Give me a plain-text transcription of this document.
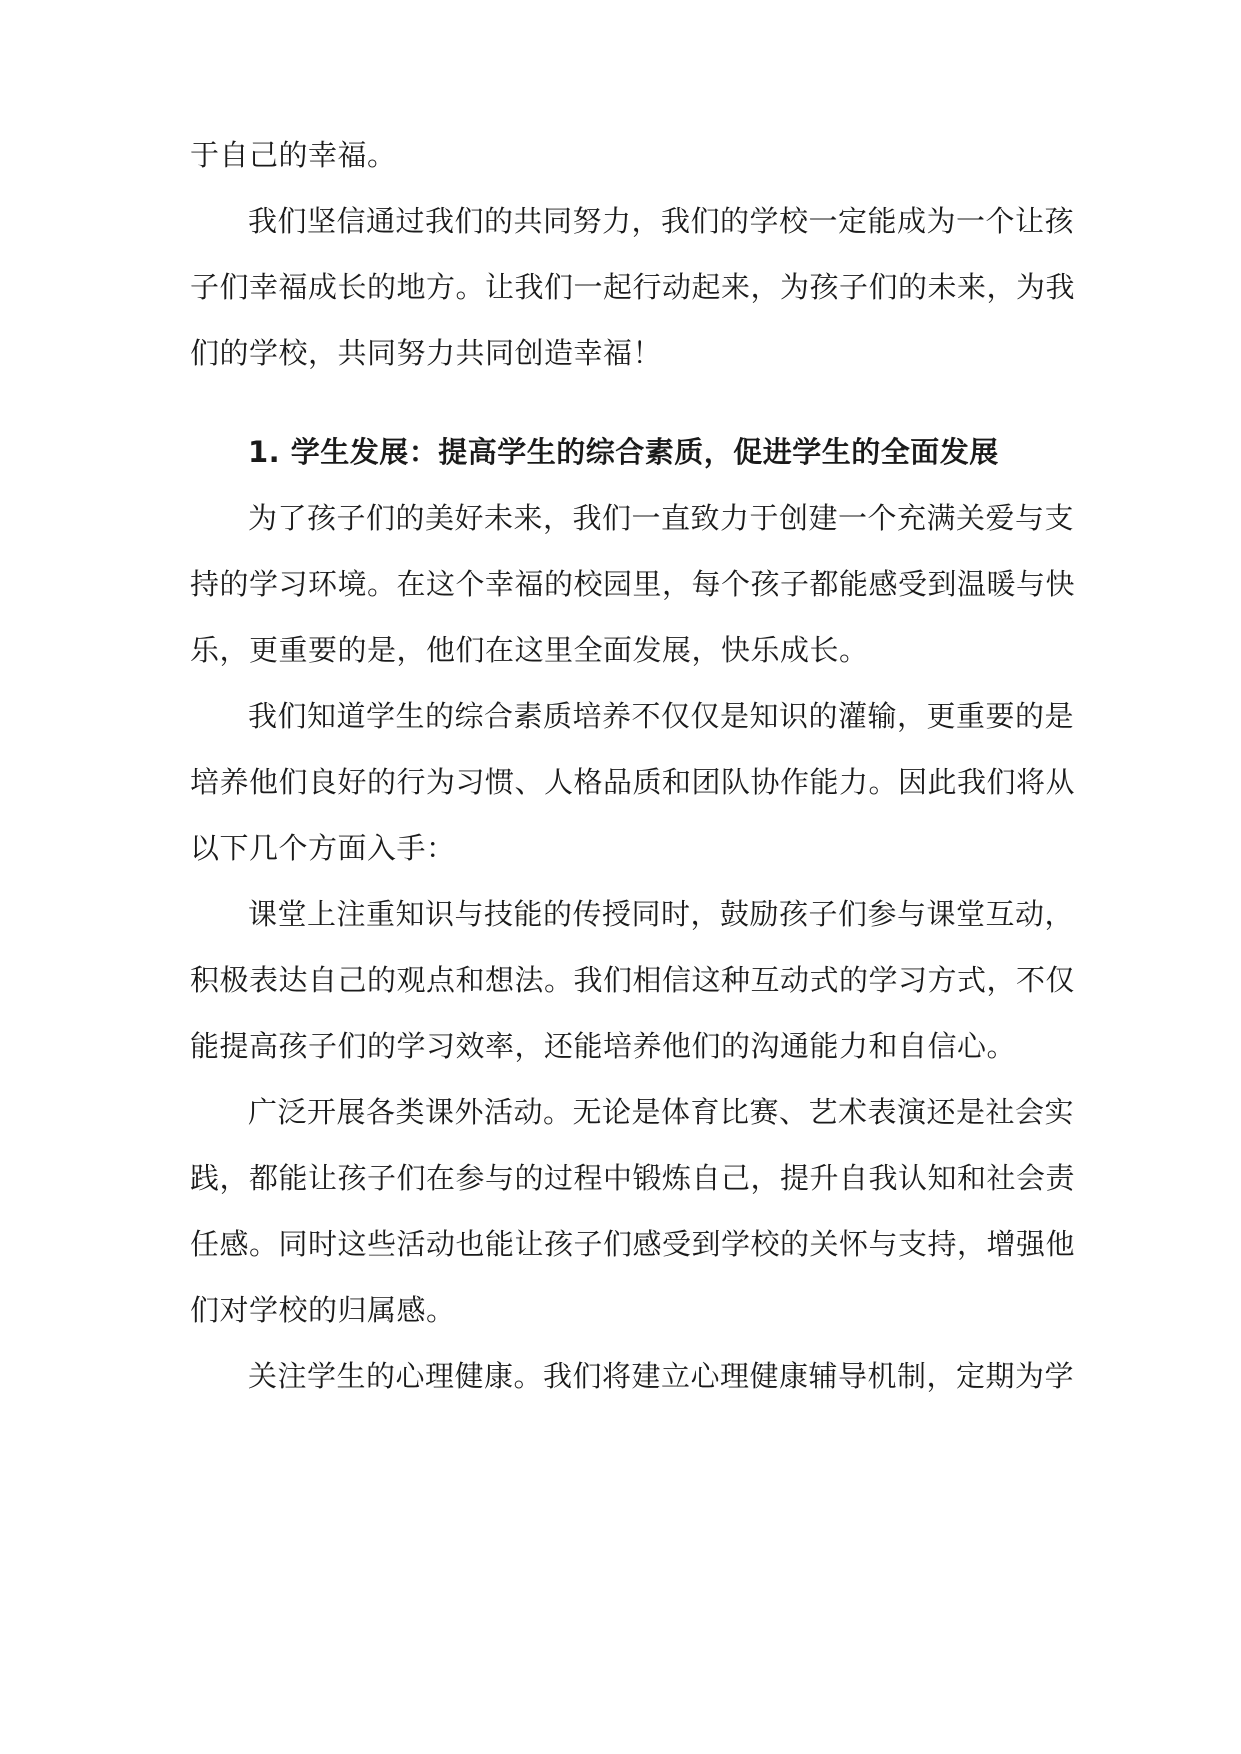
于自己的幸福。
我们坚信通过我们的共同努力，我们的学校一定能成为一个让孩
子们幸福成长的地方。让我们一起行动起来，为孩子们的未来，为我
们的学校，共同努力共同创造幸福！
1. 学生发展：提高学生的综合素质，促进学生的全面发展
为了孩子们的美好未来，我们一直致力于创建一个充满关爱与支
持的学习环境。在这个幸福的校园里，每个孩子都能感受到温暖与快
乐，更重要的是，他们在这里全面发展，快乐成长。
我们知道学生的综合素质培养不仅仅是知识的灌输，更重要的是
培养他们良好的行为习惯、人格品质和团队协作能力。因此我们将从
以下几个方面入手：
课堂上注重知识与技能的传授同时，鼓励孩子们参与课堂互动，
积极表达自己的观点和想法。我们相信这种互动式的学习方式，不仅
能提高孩子们的学习效率，还能培养他们的沟通能力和自信心。
广泛开展各类课外活动。无论是体育比赛、艺术表演还是社会实
践，都能让孩子们在参与的过程中锻炼自己，提升自我认知和社会责
任感。同时这些活动也能让孩子们感受到学校的关怀与支持，增强他
们对学校的归属感。
关注学生的心理健康。我们将建立心理健康辅导机制，定期为学
